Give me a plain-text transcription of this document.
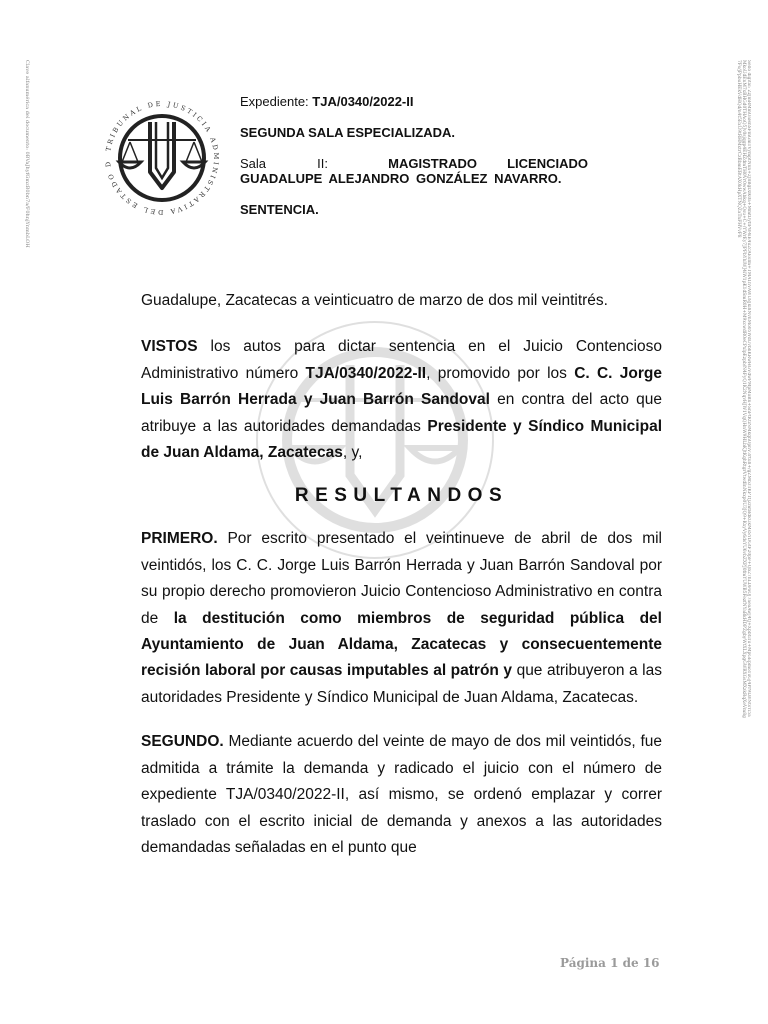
TRIBUNAL DE JUSTICIA ADMINISTRATIVA DEL ESTADO D
Clave alfanumérica del documento: 0BVaJhyfGmzB0bn7a/F0hnjYnmbLOH	Sello digital: ZzJmRMmOaHnSFmGmTVymptNnn+2J8BgDzK0a+MmtDyflPW4iE4u2cAEsIm+TMA1hVAWU8Jki8NvnMo05WdUvbhKRwHGVdwPMpMoBn+SnFtKtiNMkqnOpnV3rtu8+/gZMb3TKPTfJZmtBdkUkMsSYDGtF20pF+Qb27hLDFaOJ7aeaAwJ4tJ+Xpbti1u+MpGEpmo1uGJ4Pr9LWNtsYi5aMkoUdEnM7xBHGd0THAoQ5Jv0sjqgp4EHZdmTH0Vr0wwAbkq+Qsu+C+/YWrEy7JPFbYhlWJ4iW1pK1dSmR0H+M9xcwdR0eCPxlpEzpb/N4FyQ1K2NqvHJW1VqQHnW9HLbKJtKqhRtgrVtwdInNkxp0U3JQ9+KxyVy6dsYU6vbZXPJ0fmYUWB5FezfNYaBkHDPZgbyWtXLXpgGWRXGsMXzkRqXeVm8g7Fs/jPpbuHEkVdHQd/n4t5ExU9tRHMxtrCzBbmEBtAX0kHpXTNQZaTnFHVvF8
Expediente: TJA/0340/2022-II
SEGUNDA SALA ESPECIALIZADA.
Sala II:	MAGISTRADO LICENCIADO GUADALUPE ALEJANDRO GONZÁLEZ NAVARRO.
SENTENCIA.

Guadalupe, Zacatecas a veinticuatro de marzo de dos mil veintitrés.

VISTOS los autos para dictar sentencia en el Juicio Contencioso Administrativo número TJA/0340/2022-II, promovido por los C. C. Jorge Luis Barrón Herrada y Juan Barrón Sandoval en contra del acto que atribuye a las autoridades demandadas Presidente y Síndico Municipal de Juan Aldama, Zacatecas, y,

RESULTANDOS

PRIMERO. Por escrito presentado el veintinueve de abril de dos mil veintidós, los C. C. Jorge Luis Barrón Herrada y Juan Barrón Sandoval por su propio derecho promovieron Juicio Contencioso Administrativo en contra de la destitución como miembros de seguridad pública del Ayuntamiento de Juan Aldama, Zacatecas y consecuentemente recisión laboral por causas imputables al patrón y que atribuyeron a las autoridades Presidente y Síndico Municipal de Juan Aldama, Zacatecas.

SEGUNDO. Mediante acuerdo del veinte de mayo de dos mil veintidós, fue admitida a trámite la demanda y radicado el juicio con el número de expediente TJA/0340/2022-II, así mismo, se ordenó emplazar y correr traslado con el escrito inicial de demanda y anexos a las autoridades demandadas señaladas en el punto que

Página 1 de 16
